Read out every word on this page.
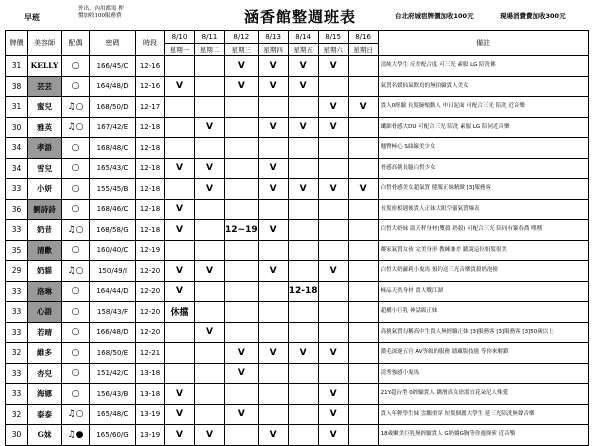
早班
外出、內用都需 押
價加收100服務費	涵香館整週班表	台北府城宿牌價加收100元	現場消費費加收300元
牌價	美容師	配偶	密碼	時段	8/10	8/11	8/12	8/13	8/14	8/15	8/16	備註
					星期一	星期二	星期三	星期四	星期五	星期六	星期日	
31	KELLY	○	166/45/C	12-16			V	V	V	V		清純大學生 反差配合度 可三光 素服 LG 陪洗佛
38	芸芸	○	164/48/D	12-16	V		V	V	V			氣質名媛仙氣飲鳥的無拍驗貴人美女
31	蜜兒	♫○	168/50/D	12-17						V	V	貴人0經驗 長髮臉頰動人 申日泥面 可配合三光 陪洗 近音樂
30	雅英	♫○	167/42/E	12-18		V		V	V	V		纖細骨感大DU 可配合三光 陪洗 素服 LG 陪同近音樂
34	孝語	○	168/48/C	12-18								翹臀極心 S曲線美少女
34	雪兒	○	165/43/C	12-18	V	V		V				骨感高挑長腿白皙少女
33	小妍	○	155/45/B	12-18		V		V	V	V	V	白皙骨感美女超氣質 健服正妹精緻 [3]服務客
36	劉詩詩	○	168/46/C	12-18	V							長髮密相遇後貴人正妹大眼空靈氣質爆表
33	奶昔	♫○	168/58/G	12-18	V		12~19	V				白皙大奶妹 溫天秤身材(雙殺 奶殺) 可配合三光 陪同有緊春喬 嘿嘿
35	清歡	○	160/40/C	12-19								鄰家氣質女孩 完美身形 教練兼差 聽說這位姐髮很美
29	奶貓	♫○	150/49/I	12-20	V	V		V		V		白皙大奶蘿莉小鬼馬 預約送三光音樂貴殺奶泡撞
33	洛琳	○	164/44/D	12-20	V				12-18			極品天然身材 貴人戰江湖
33	心語	○	158/43/F	12-20	休擋							超構小巨乳 神話級正妹
33	若晴	○	166/48/D	12-20		V						高挑氣質勾稱高中生貴人無經驗正妹 [3]服務客 [3]服務客 [3]50歲以上
32	維多	○	168/50/E	12-21			V	V	V	V		濃毛深邃五官 AV等級的服務 隱藏版技能 等你來解鎖
33	杏兒	○	151/42/C	13-18			V					清秀強感小鬼馬
33	海娜	○	156/43/B	13-18	V					V		21Y超台型 0經驗貴人 鐫潛真女徐溫宜花朵尼人殊愛
32	泰泰	♫○	165/48/C	13-19	V		V			V		貴人年輕學生妹 雲鵬重穿 短髮個麗大學生 延三光陪洗無聲音樂
30	G妹	♫●	165/60/G	13-19	V	V		V		V		18歲嫩美巨乳無經驗貴人 G奶嬌G胸等你週探索 近音樂
